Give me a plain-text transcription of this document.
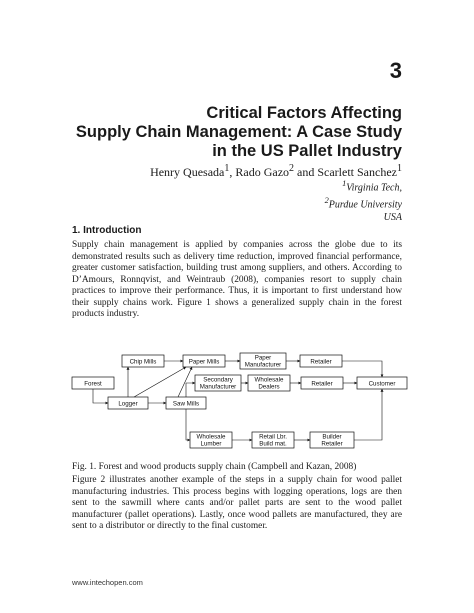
3
Critical Factors Affecting
Supply Chain Management: A Case Study
in the US Pallet Industry
Henry Quesada$^1$, Rado Gazo$^2$ and Scarlett Sanchez$^1$
$^1$Virginia Tech,
$^2$Purdue University
USA
1. Introduction
Supply chain management is applied by companies across the globe due to its demonstrated results such as delivery time reduction, improved financial performance, greater customer satisfaction, building trust among suppliers, and others. According to D’Amours, Ronnqvist, and Weintraub (2008), companies resort to supply chain practices to improve their performance. Thus, it is important to first understand how their supply chains work. Figure 1 shows a generalized supply chain in the forest products industry.
Forest
Chip Mills	Paper Mills
Paper
Manufacturer	Retailer
Logger	Saw Mills
Secondary
Manufacturer
Wholesale
Dealers	Retailer	Customer
Wholesale
Lumber
Retail Lbr.
Build mat.
Builder
Retailer
Fig. 1. Forest and wood products supply chain (Campbell and Kazan, 2008)
Figure 2 illustrates another example of the steps in a supply chain for wood pallet manufacturing industries. This process begins with logging operations, logs are then sent to the sawmill where cants and/or pallet parts are sent to the wood pallet manufacturer (pallet operations). Lastly, once wood pallets are manufactured, they are sent to a distributor or directly to the final customer.
www.intechopen.com
